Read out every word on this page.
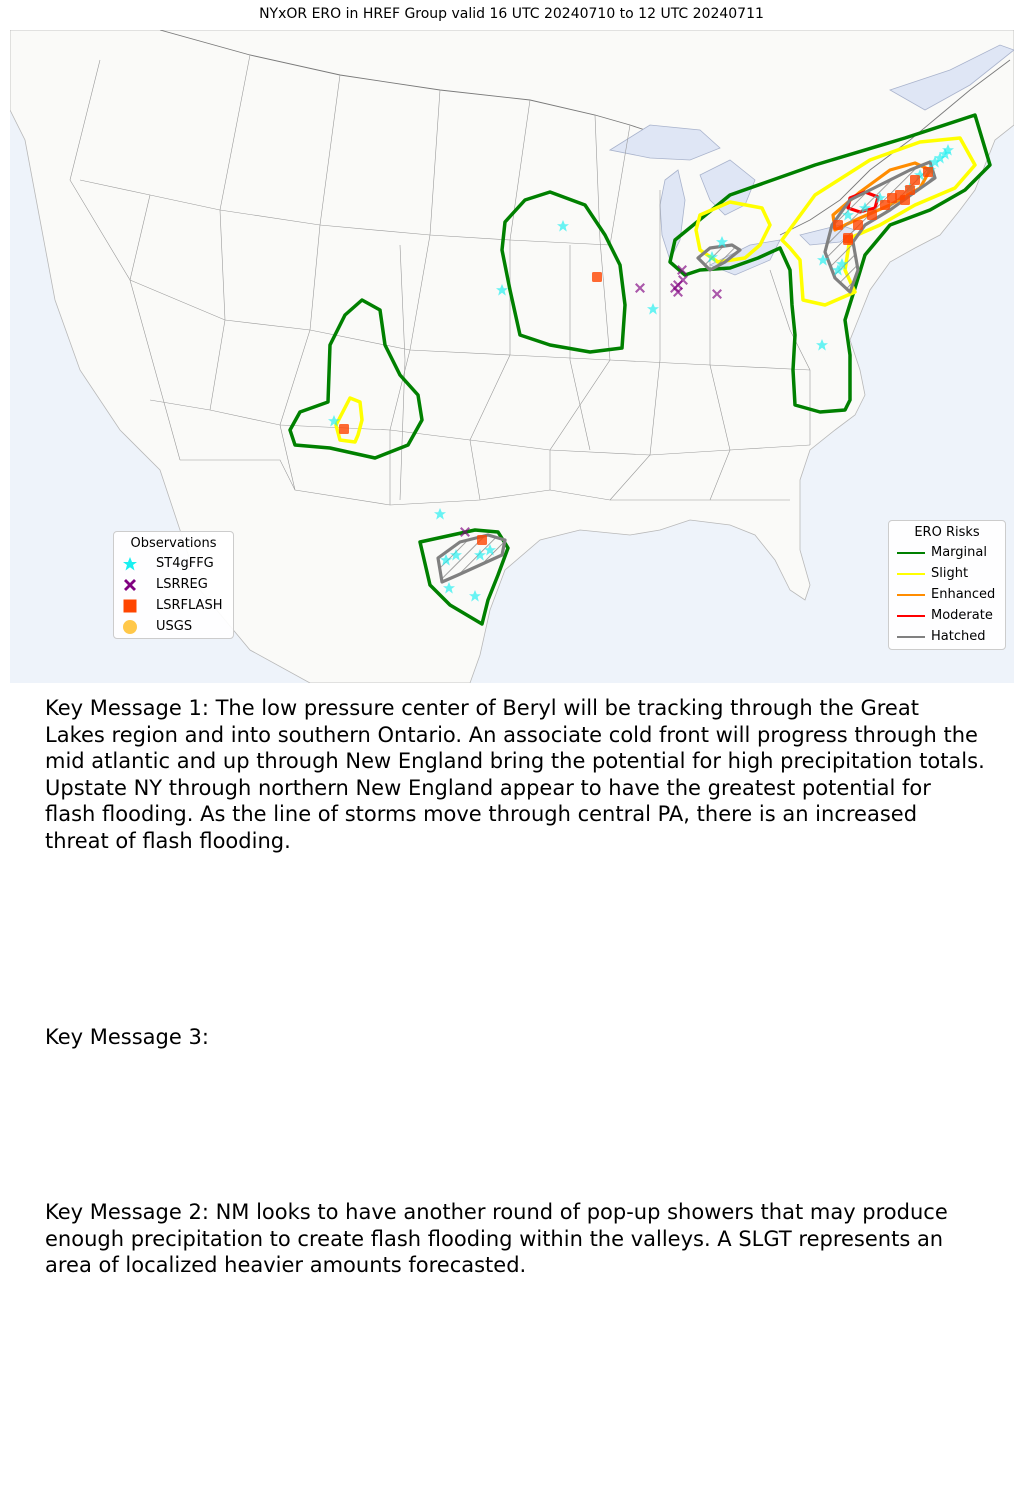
NYxOR ERO in HREF Group valid 16 UTC 20240710 to 12 UTC 20240711
Observations
ST4gFFG
LSRREG
LSRFLASH
USGS
ERO Risks
Marginal
Slight
Enhanced
Moderate
Hatched
Key Message 1: The low pressure center of Beryl will be tracking through the Great Lakes region and into southern Ontario. An associate cold front will progress through the mid atlantic and up through New England bring the potential for high precipitation totals. Upstate NY through northern New England appear to have the greatest potential for flash flooding. As the line of storms move through central PA, there is an increased threat of flash flooding.
Key Message 3:
Key Message 2: NM looks to have another round of pop-up showers that may produce enough precipitation to create flash flooding within the valleys. A SLGT represents an area of localized heavier amounts forecasted.
